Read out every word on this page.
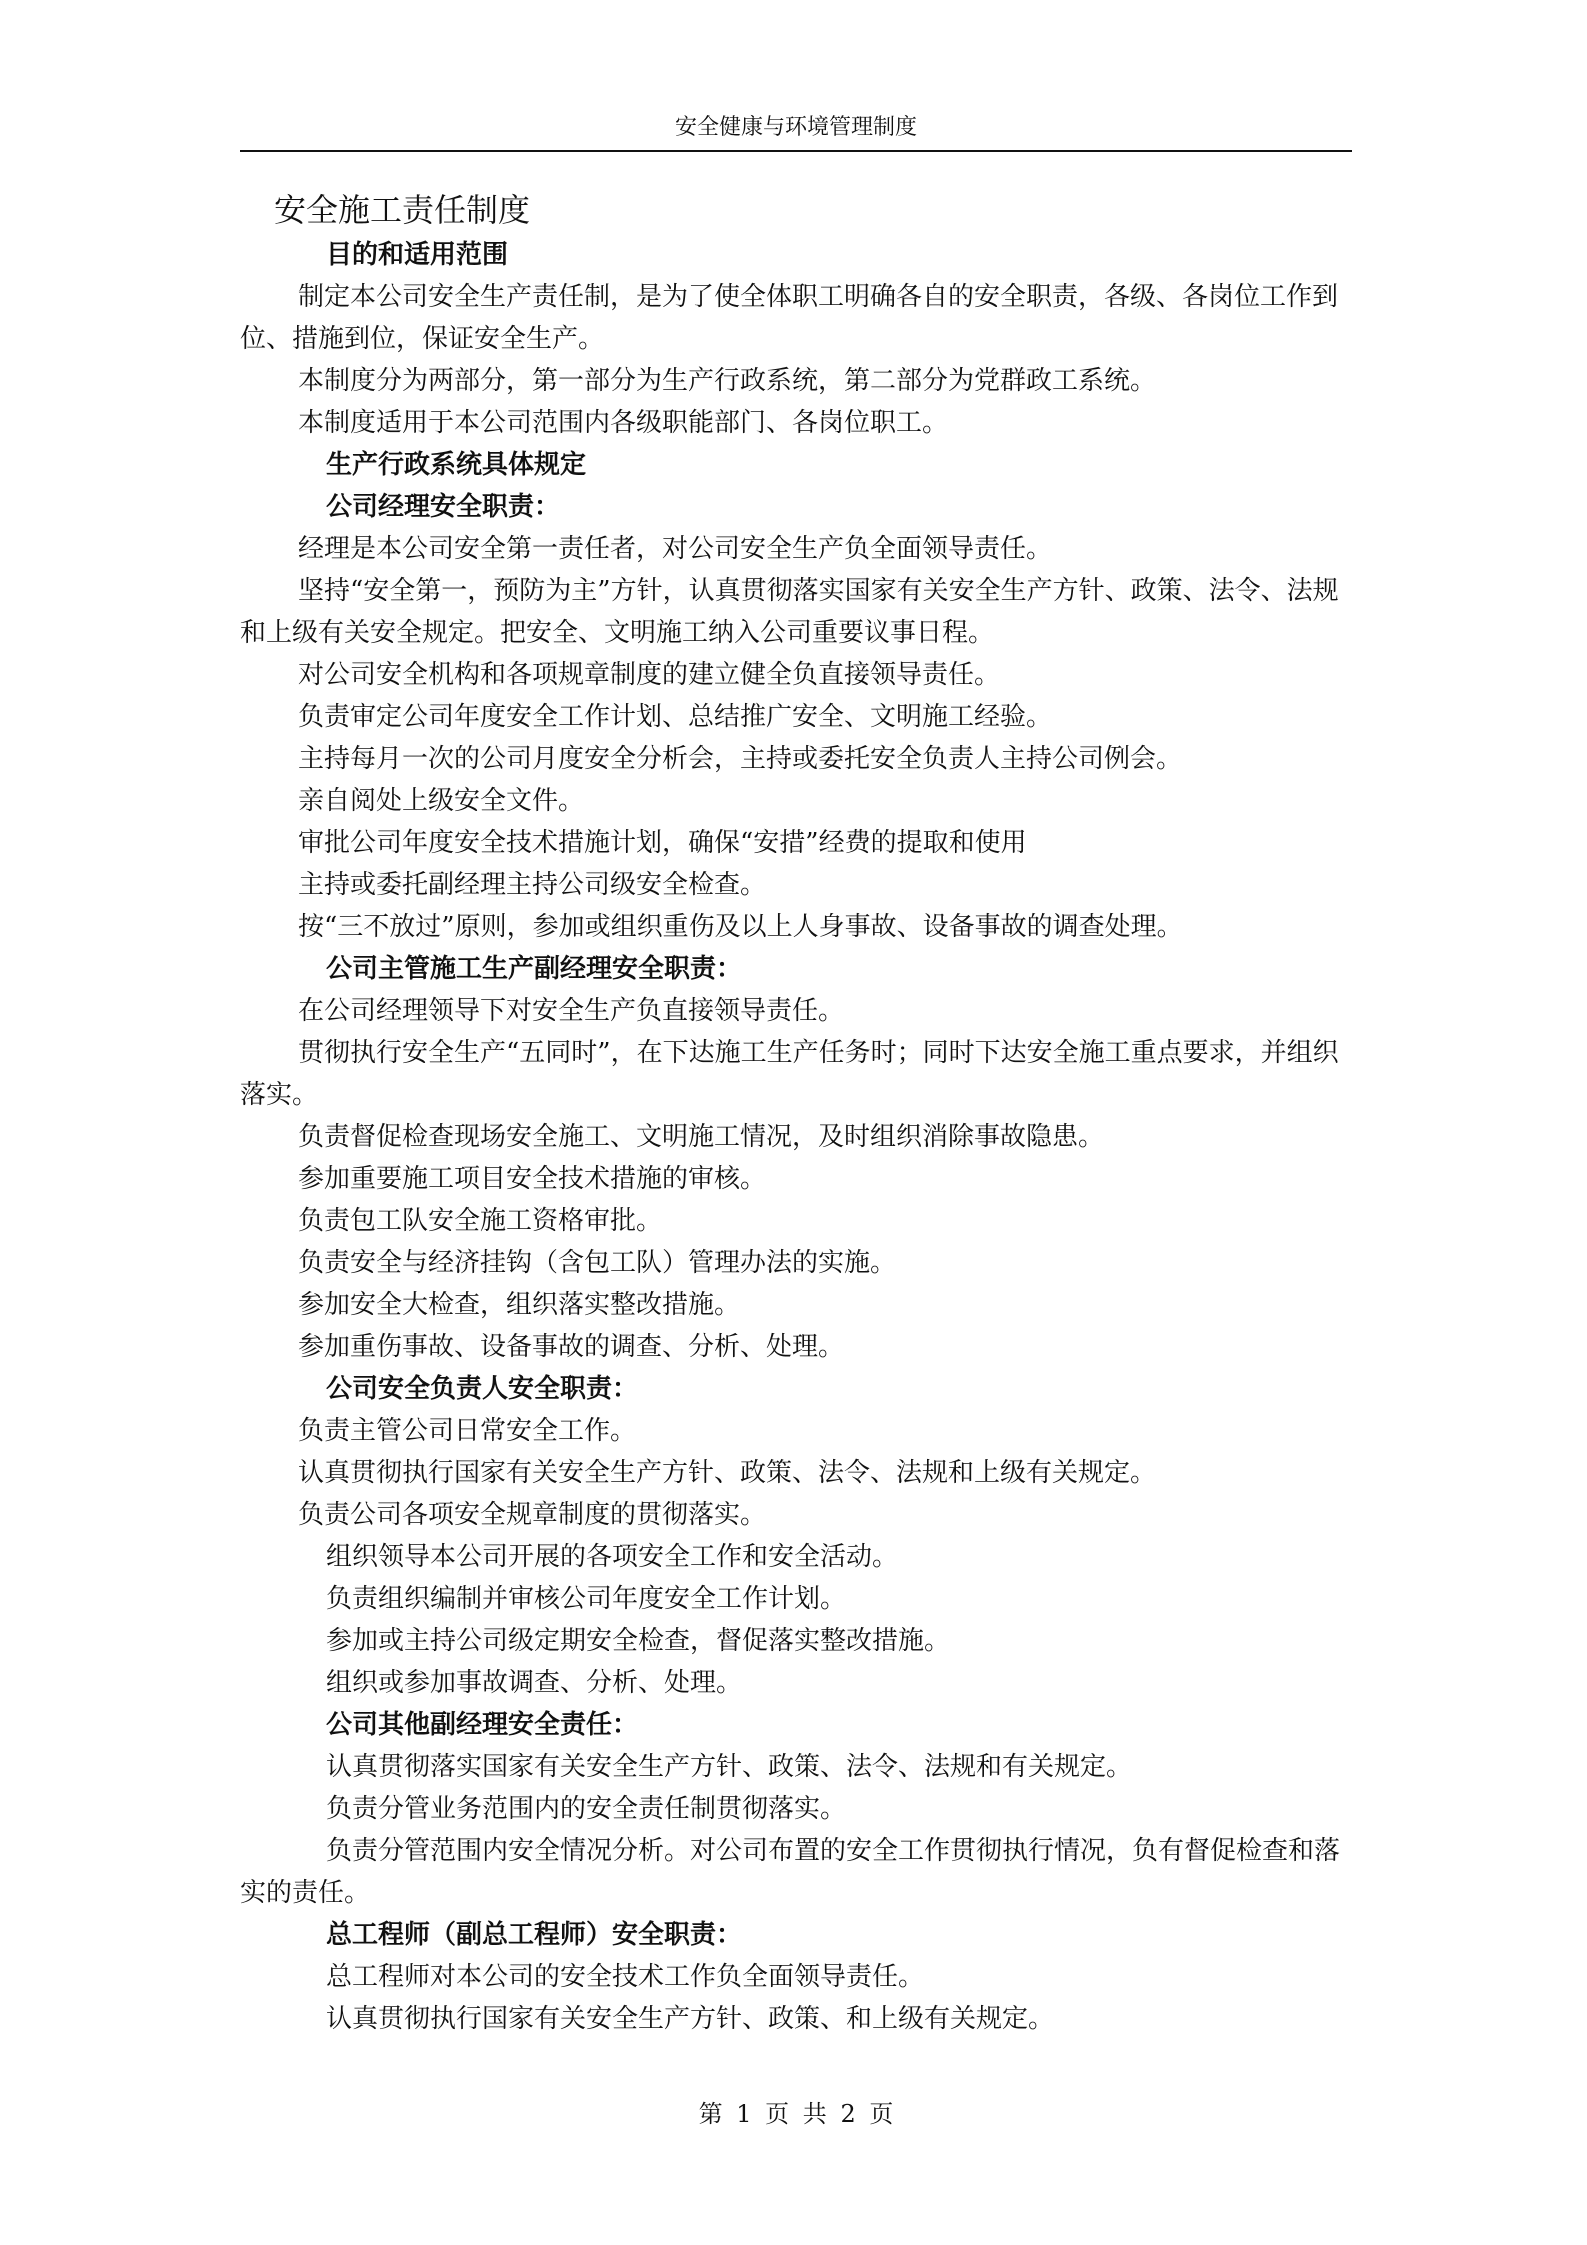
安全健康与环境管理制度
安全施工责任制度
目的和适用范围

制定本公司安全生产责任制，是为了使全体职工明确各自的安全职责，各级、各岗位工作到位、措施到位，保证安全生产。

本制度分为两部分，第一部分为生产行政系统，第二部分为党群政工系统。

本制度适用于本公司范围内各级职能部门、各岗位职工。

生产行政系统具体规定
公司经理安全职责：

经理是本公司安全第一责任者，对公司安全生产负全面领导责任。

坚持“安全第一，预防为主”方针，认真贯彻落实国家有关安全生产方针、政策、法令、法规和上级有关安全规定。把安全、文明施工纳入公司重要议事日程。

对公司安全机构和各项规章制度的建立健全负直接领导责任。

负责审定公司年度安全工作计划、总结推广安全、文明施工经验。

主持每月一次的公司月度安全分析会，主持或委托安全负责人主持公司例会。

亲自阅处上级安全文件。

审批公司年度安全技术措施计划，确保“安措”经费的提取和使用

主持或委托副经理主持公司级安全检查。

按“三不放过”原则，参加或组织重伤及以上人身事故、设备事故的调查处理。

公司主管施工生产副经理安全职责：

在公司经理领导下对安全生产负直接领导责任。

贯彻执行安全生产“五同时”，在下达施工生产任务时；同时下达安全施工重点要求，并组织落实。

负责督促检查现场安全施工、文明施工情况，及时组织消除事故隐患。

参加重要施工项目安全技术措施的审核。

负责包工队安全施工资格审批。

负责安全与经济挂钩（含包工队）管理办法的实施。

参加安全大检查，组织落实整改措施。

参加重伤事故、设备事故的调查、分析、处理。

公司安全负责人安全职责：

负责主管公司日常安全工作。

认真贯彻执行国家有关安全生产方针、政策、法令、法规和上级有关规定。

负责公司各项安全规章制度的贯彻落实。

组织领导本公司开展的各项安全工作和安全活动。

负责组织编制并审核公司年度安全工作计划。

参加或主持公司级定期安全检查，督促落实整改措施。

组织或参加事故调查、分析、处理。

公司其他副经理安全责任：

认真贯彻落实国家有关安全生产方针、政策、法令、法规和有关规定。

负责分管业务范围内的安全责任制贯彻落实。

负责分管范围内安全情况分析。对公司布置的安全工作贯彻执行情况，负有督促检查和落实的责任。

总工程师（副总工程师）安全职责：

总工程师对本公司的安全技术工作负全面领导责任。

认真贯彻执行国家有关安全生产方针、政策、和上级有关规定。

第 1 页 共 2 页
